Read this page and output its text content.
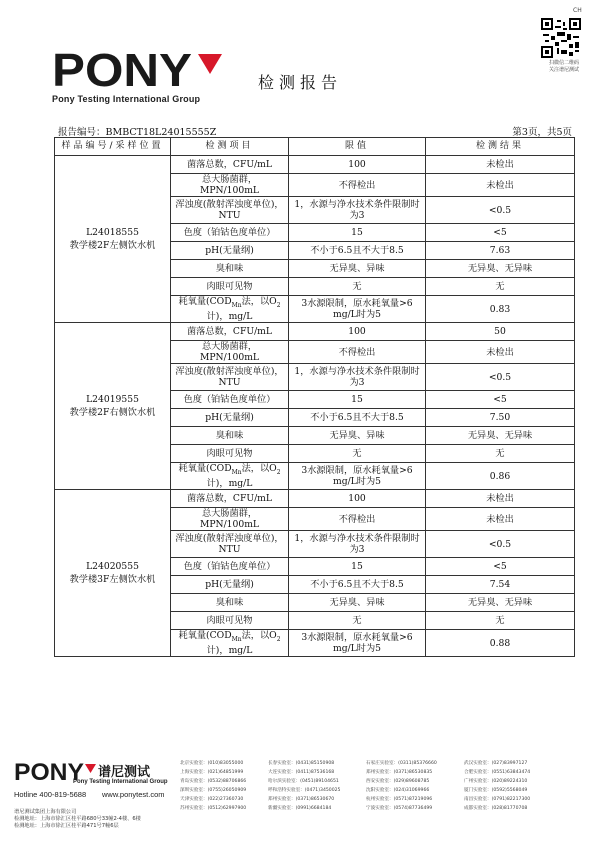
CH
扫微信二维码
关注谱尼测试
PONY
Pony Testing International Group
检测报告
报告编号：BMBCT18L24015555Z	第3页，共5页
样品编号/采样位置	检测项目	限值	检测结果

L24018555
教学楼2F左侧饮水机	菌落总数，CFU/mL	100	未检出
	总大肠菌群，MPN/100mL	不得检出	未检出
	浑浊度(散射浑浊度单位)，NTU	1，水源与净水技术条件限制时为3	<0.5
	色度（铂钴色度单位）	15	<5
	pH(无量纲)	不小于6.5且不大于8.5	7.63
	臭和味	无异臭、异味	无异臭、无异味
	肉眼可见物	无	无
	耗氧量($COD_{Mn}$法，以$O_2$计)，mg/L	3水源限制，原水耗氧量>6 mg/L时为5	0.83

L24019555
教学楼2F右侧饮水机	菌落总数，CFU/mL	100	50
	总大肠菌群，MPN/100mL	不得检出	未检出
	浑浊度(散射浑浊度单位)，NTU	1，水源与净水技术条件限制时为3	<0.5
	色度（铂钴色度单位）	15	<5
	pH(无量纲)	不小于6.5且不大于8.5	7.50
	臭和味	无异臭、异味	无异臭、无异味
	肉眼可见物	无	无
	耗氧量($COD_{Mn}$法，以$O_2$计)，mg/L	3水源限制，原水耗氧量>6 mg/L时为5	0.86

L24020555
教学楼3F左侧饮水机	菌落总数，CFU/mL	100	未检出
	总大肠菌群，MPN/100mL	不得检出	未检出
	浑浊度(散射浑浊度单位)，NTU	1，水源与净水技术条件限制时为3	<0.5
	色度（铂钴色度单位）	15	<5
	pH(无量纲)	不小于6.5且不大于8.5	7.54
	臭和味	无异臭、异味	无异臭、无异味
	肉眼可见物	无	无
	耗氧量($COD_{Mn}$法，以$O_2$计)，mg/L	3水源限制，原水耗氧量>6 mg/L时为5	0.88
PONY 谱尼测试
Pony Testing International Group
Hotline 400-819-5688 www.ponytest.com
谱尼测试集团上海有限公司
检测地址：上海市徐汇区桂平路680号33幢2-4楼、6楼
检测地址：上海市徐汇区桂平路471号7幢6层
北京实验室：(010)83055000	长春实验室：(0431)85150908	石家庄实验室：(0311)85376660	武汉实验室：(027)83997127
上海实验室：(021)64851999	大连实验室：(0411)87536168	郑州实验室：(0371)86530835	合肥实验室：(0551)63843474
青岛实验室：(0532)88706866	哈尔滨实验室：(0451)89104651	西安实验室：(029)89608785	广州实验室：(020)89224310
深圳实验室：(0755)26050909	呼和浩特实验室：(0471)3450025	沈阳实验室：(024)31069966	厦门实验室：(0592)5568049
天津实验室：(022)27360730	郑州实验室：(0371)86530670	杭州实验室：(0571)87219096	南昌实验室：(0791)82217300
苏州实验室：(0512)62997900	新疆实验室：(0991)6684184	宁波实验室：(0574)87736499	成都实验室：(028)81770708
